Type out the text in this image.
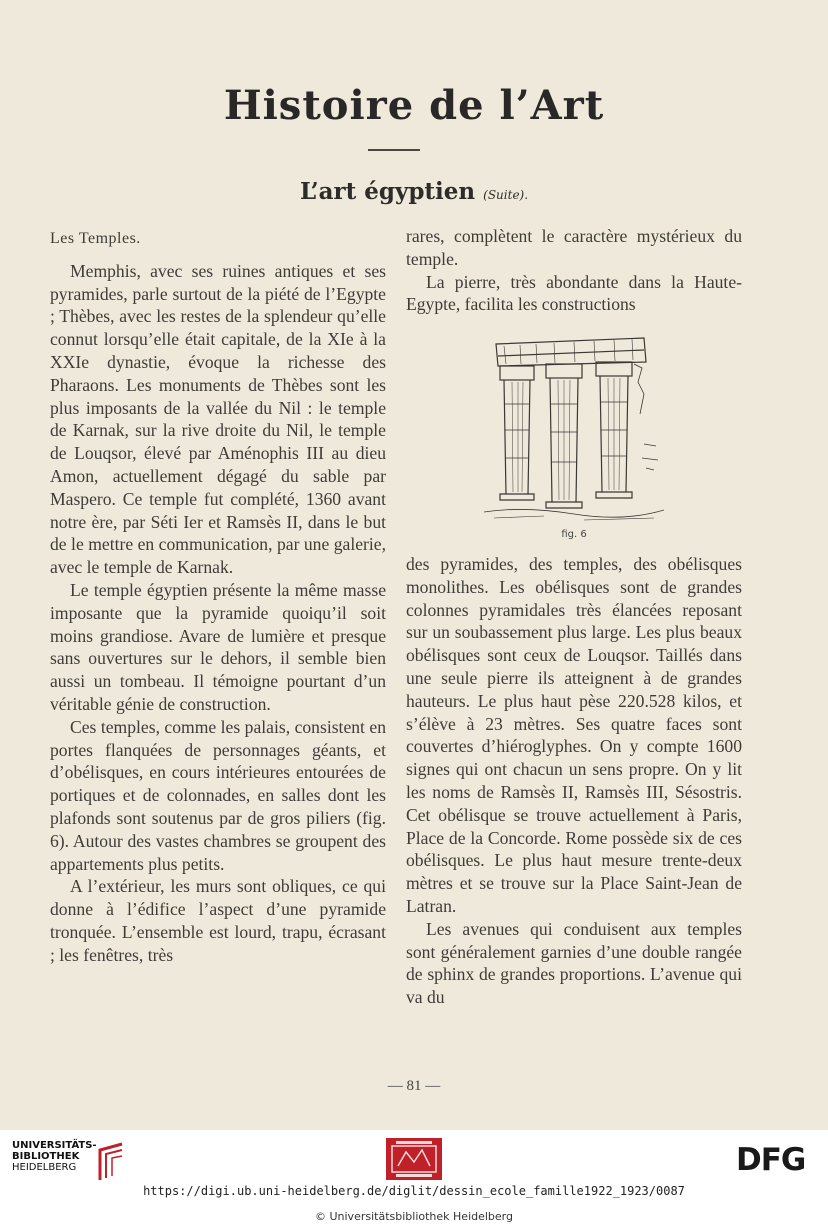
Histoire de l’Art
L’art égyptien (Suite).
Les Temples.

Memphis, avec ses ruines antiques et ses pyramides, parle surtout de la piété de l’Egypte ; Thèbes, avec les restes de la splendeur qu’elle connut lorsqu’elle était capitale, de la XIe à la XXIe dynastie, évoque la richesse des Pharaons. Les monuments de Thèbes sont les plus imposants de la vallée du Nil : le temple de Karnak, sur la rive droite du Nil, le temple de Louqsor, élevé par Aménophis III au dieu Amon, actuellement dégagé du sable par Maspero. Ce temple fut complété, 1360 avant notre ère, par Séti Ier et Ramsès II, dans le but de le mettre en communication, par une galerie, avec le temple de Karnak.

Le temple égyptien présente la même masse imposante que la pyramide quoiqu’il soit moins grandiose. Avare de lumière et presque sans ouvertures sur le dehors, il semble bien aussi un tombeau. Il témoigne pourtant d’un véritable génie de construction.

Ces temples, comme les palais, consistent en portes flanquées de personnages géants, et d’obélisques, en cours intérieures entourées de portiques et de colonnades, en salles dont les plafonds sont soutenus par de gros piliers (fig. 6). Autour des vastes chambres se groupent des appartements plus petits.

A l’extérieur, les murs sont obliques, ce qui donne à l’édifice l’aspect d’une pyramide tronquée. L’ensemble est lourd, trapu, écrasant ; les fenêtres, très

rares, complètent le caractère mystérieux du temple.

La pierre, très abondante dans la Haute-Egypte, facilita les constructions

fig. 6

des pyramides, des temples, des obélisques monolithes. Les obélisques sont de grandes colonnes pyramidales très élancées reposant sur un soubassement plus large. Les plus beaux obélisques sont ceux de Louqsor. Taillés dans une seule pierre ils atteignent à de grandes hauteurs. Le plus haut pèse 220.528 kilos, et s’élève à 23 mètres. Ses quatre faces sont couvertes d’hiéroglyphes. On y compte 1600 signes qui ont chacun un sens propre. On y lit les noms de Ramsès II, Ramsès III, Sésostris. Cet obélisque se trouve actuellement à Paris, Place de la Concorde. Rome possède six de ces obélisques. Le plus haut mesure trente-deux mètres et se trouve sur la Place Saint-Jean de Latran.

Les avenues qui conduisent aux temples sont généralement garnies d’une double rangée de sphinx de grandes proportions. L’avenue qui va du

— 81 —
UNIVERSITÄTS-
BIBLIOTHEK
HEIDELBERG	DFG
https://digi.ub.uni-heidelberg.de/diglit/dessin_ecole_famille1922_1923/0087
© Universitätsbibliothek Heidelberg
